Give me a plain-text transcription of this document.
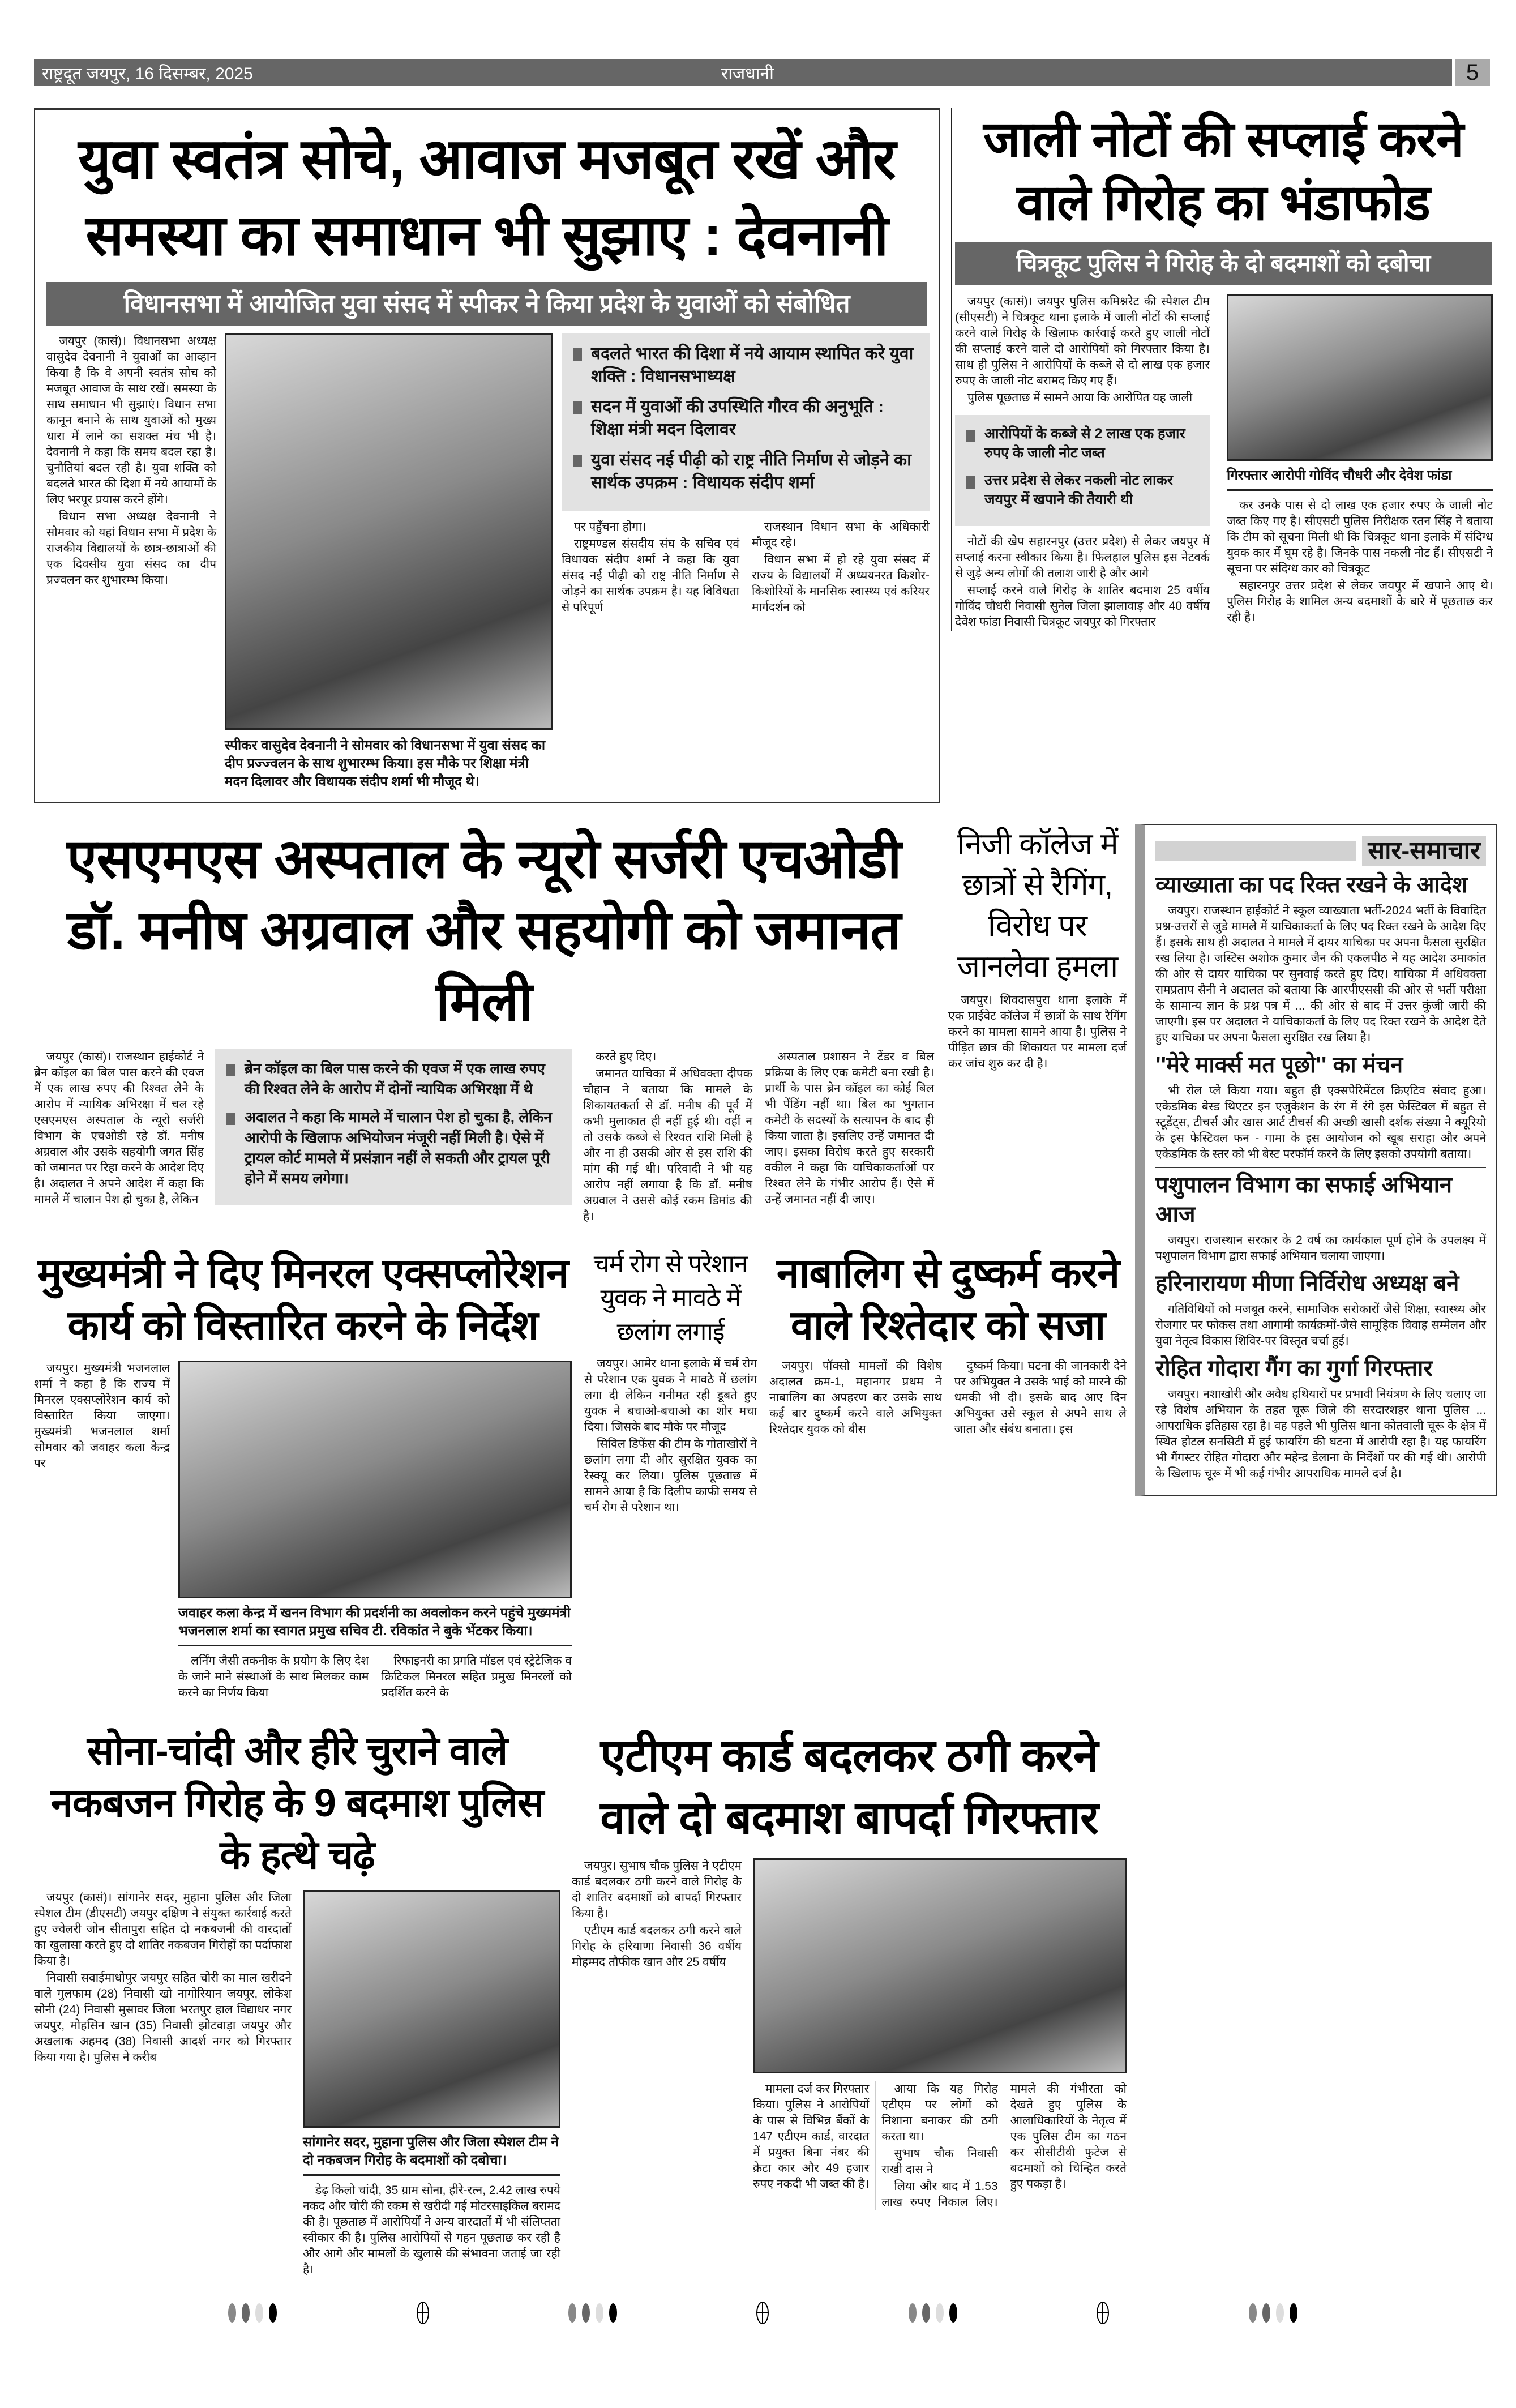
राष्ट्रदूत जयपुर, 16 दिसम्बर, 2025	राजधानी	5
युवा स्वतंत्र सोचे, आवाज मजबूत रखें और समस्या का समाधान भी सुझाए : देवनानी
विधानसभा में आयोजित युवा संसद में स्पीकर ने किया प्रदेश के युवाओं को संबोधित

जयपुर (कासं)। विधानसभा अध्यक्ष वासुदेव देवनानी ने युवाओं का आव्हान किया है कि वे अपनी स्वतंत्र सोच को मजबूत आवाज के साथ रखें। समस्या के साथ समाधान भी सुझाएं। विधान सभा कानून बनाने के साथ युवाओं को मुख्य धारा में लाने का सशक्त मंच भी है। देवनानी ने कहा कि समय बदल रहा है। चुनौतियां बदल रही है। युवा शक्ति को बदलते भारत की दिशा में नये आयामों के लिए भरपूर प्रयास करने होंगे।

विधान सभा अध्यक्ष देवनानी ने सोमवार को यहां विधान सभा में प्रदेश के राजकीय विद्यालयों के छात्र-छात्राओं की एक दिवसीय युवा संसद का दीप प्रज्वलन कर शुभारम्भ किया।

स्पीकर वासुदेव देवनानी ने सोमवार को विधानसभा में युवा संसद का दीप प्रज्ज्वलन के साथ शुभारम्भ किया। इस मौके पर शिक्षा मंत्री मदन दिलावर और विधायक संदीप शर्मा भी मौजूद थे।
बदलते भारत की दिशा में नये आयाम स्थापित करे युवा शक्ति : विधानसभाध्यक्ष
सदन में युवाओं की उपस्थिति गौरव की अनुभूति : शिक्षा मंत्री मदन दिलावर
युवा संसद नई पीढ़ी को राष्ट्र नीति निर्माण से जोड़ने का सार्थक उपक्रम : विधायक संदीप शर्मा

पर पहुँचना होगा।

राष्ट्रमण्डल संसदीय संघ के सचिव एवं विधायक संदीप शर्मा ने कहा कि युवा संसद नई पीढ़ी को राष्ट्र नीति निर्माण से जोड़ने का सार्थक उपक्रम है। यह विविधता से परिपूर्ण

राजस्थान विधान सभा के अधिकारी मौजूद रहे।

विधान सभा में हो रहे युवा संसद में राज्य के विद्यालयों में अध्ययनरत किशोर-किशोरियों के मानसिक स्वास्थ्य एवं करियर मार्गदर्शन को

जाली नोटों की सप्लाई करने वाले गिरोह का भंडाफोड
चित्रकूट पुलिस ने गिरोह के दो बदमाशों को दबोचा

जयपुर (कासं)। जयपुर पुलिस कमिश्नरेट की स्पेशल टीम (सीएसटी) ने चित्रकूट थाना इलाके में जाली नोटों की सप्लाई करने वाले गिरोह के खिलाफ कार्रवाई करते हुए जाली नोटों की सप्लाई करने वाले दो आरोपियों को गिरफ्तार किया है। साथ ही पुलिस ने आरोपियों के कब्जे से दो लाख एक हजार रुपए के जाली नोट बरामद किए गए हैं।

पुलिस पूछताछ में सामने आया कि आरोपित यह जाली

आरोपियों के कब्जे से 2 लाख एक हजार रुपए के जाली नोट जब्त
उत्तर प्रदेश से लेकर नकली नोट लाकर जयपुर में खपाने की तैयारी थी

नोटों की खेप सहारनपुर (उत्तर प्रदेश) से लेकर जयपुर में सप्लाई करना स्वीकार किया है। फिलहाल पुलिस इस नेटवर्क से जुड़े अन्य लोगों की तलाश जारी है और आगे

सप्लाई करने वाले गिरोह के शातिर बदमाश 25 वर्षीय गोविंद चौधरी निवासी सुनेल जिला झालावाड़ और 40 वर्षीय देवेश फांडा निवासी चित्रकूट जयपुर को गिरफ्तार

गिरफ्तार आरोपी गोविंद चौधरी और देवेश फांडा

कर उनके पास से दो लाख एक हजार रुपए के जाली नोट जब्त किए गए है। सीएसटी पुलिस निरीक्षक रतन सिंह ने बताया कि टीम को सूचना मिली थी कि चित्रकूट थाना इलाके में संदिग्ध युवक कार में घूम रहे है। जिनके पास नकली नोट हैं। सीएसटी ने सूचना पर संदिग्ध कार को चित्रकूट

सहारनपुर उत्तर प्रदेश से लेकर जयपुर में खपाने आए थे। पुलिस गिरोह के शामिल अन्य बदमाशों के बारे में पूछताछ कर रही है।

एसएमएस अस्पताल के न्यूरो सर्जरी एचओडी डॉ. मनीष अग्रवाल और सहयोगी को जमानत मिली

जयपुर (कासं)। राजस्थान हाईकोर्ट ने ब्रेन कॉइल का बिल पास करने की एवज में एक लाख रुपए की रिश्वत लेने के आरोप में न्यायिक अभिरक्षा में चल रहे एसएमएस अस्पताल के न्यूरो सर्जरी विभाग के एचओडी रहे डॉ. मनीष अग्रवाल और उसके सहयोगी जगत सिंह को जमानत पर रिहा करने के आदेश दिए है। अदालत ने अपने आदेश में कहा कि मामले में चालान पेश हो चुका है, लेकिन

ब्रेन कॉइल का बिल पास करने की एवज में एक लाख रुपए की रिश्वत लेने के आरोप में दोनों न्यायिक अभिरक्षा में थे
अदालत ने कहा कि मामले में चालान पेश हो चुका है, लेकिन आरोपी के खिलाफ अभियोजन मंजूरी नहीं मिली है। ऐसे में ट्रायल कोर्ट मामले में प्रसंज्ञान नहीं ले सकती और ट्रायल पूरी होने में समय लगेगा।

करते हुए दिए।

जमानत याचिका में अधिवक्ता दीपक चौहान ने बताया कि मामले के शिकायतकर्ता से डॉ. मनीष की पूर्व में कभी मुलाकात ही नहीं हुई थी। वहीं न तो उसके कब्जे से रिश्वत राशि मिली है और ना ही उसकी ओर से इस राशि की मांग की गई थी। परिवादी ने भी यह आरोप नहीं लगाया है कि डॉ. मनीष अग्रवाल ने उससे कोई रकम डिमांड की है।

अस्पताल प्रशासन ने टेंडर व बिल प्रक्रिया के लिए एक कमेटी बना रखी है। प्रार्थी के पास ब्रेन कॉइल का कोई बिल भी पेंडिंग नहीं था। बिल का भुगतान कमेटी के सदस्यों के सत्यापन के बाद ही किया जाता है। इसलिए उन्हें जमानत दी जाए। इसका विरोध करते हुए सरकारी वकील ने कहा कि याचिकाकर्ताओं पर रिश्वत लेने के गंभीर आरोप हैं। ऐसे में उन्हें जमानत नहीं दी जाए।

निजी कॉलेज में छात्रों से रैगिंग, विरोध पर जानलेवा हमला

जयपुर। शिवदासपुरा थाना इलाके में एक प्राईवेट कॉलेज में छात्रों के साथ रैगिंग करने का मामला सामने आया है। पुलिस ने पीड़ित छात्र की शिकायत पर मामला दर्ज कर जांच शुरु कर दी है।

मुख्यमंत्री ने दिए मिनरल एक्सप्लोरेशन कार्य को विस्तारित करने के निर्देश

जयपुर। मुख्यमंत्री भजनलाल शर्मा ने कहा है कि राज्य में मिनरल एक्सप्लोरेशन कार्य को विस्तारित किया जाएगा। मुख्यमंत्री भजनलाल शर्मा सोमवार को जवाहर कला केन्द्र पर

जवाहर कला केन्द्र में खनन विभाग की प्रदर्शनी का अवलोकन करने पहुंचे मुख्यमंत्री भजनलाल शर्मा का स्वागत प्रमुख सचिव टी. रविकांत ने बुके भेंटकर किया।

लर्निंग जैसी तकनीक के प्रयोग के लिए देश के जाने माने संस्थाओं के साथ मिलकर काम करने का निर्णय किया

रिफाइनरी का प्रगति मॉडल एवं स्ट्रेटेजिक व क्रिटिकल मिनरल सहित प्रमुख मिनरलों को प्रदर्शित करने के

चर्म रोग से परेशान युवक ने मावठे में छलांग लगाई

जयपुर। आमेर थाना इलाके में चर्म रोग से परेशान एक युवक ने मावठे में छलांग लगा दी लेकिन गनीमत रही डूबते हुए युवक ने बचाओ-बचाओ का शोर मचा दिया। जिसके बाद मौके पर मौजूद

सिविल डिफेंस की टीम के गोताखोरों ने छलांग लगा दी और सुरक्षित युवक का रेस्क्यू कर लिया। पुलिस पूछताछ में सामने आया है कि दिलीप काफी समय से चर्म रोग से परेशान था।

नाबालिग से दुष्कर्म करने वाले रिश्तेदार को सजा

जयपुर। पॉक्सो मामलों की विशेष अदालत क्रम-1, महानगर प्रथम ने नाबालिग का अपहरण कर उसके साथ कई बार दुष्कर्म करने वाले अभियुक्त रिश्तेदार युवक को बीस

दुष्कर्म किया। घटना की जानकारी देने पर अभियुक्त ने उसके भाई को मारने की धमकी भी दी। इसके बाद आए दिन अभियुक्त उसे स्कूल से अपने साथ ले जाता और संबंध बनाता। इस

सोना-चांदी और हीरे चुराने वाले नकबजन गिरोह के 9 बदमाश पुलिस के हत्थे चढ़े

जयपुर (कासं)। सांगानेर सदर, मुहाना पुलिस और जिला स्पेशल टीम (डीएसटी) जयपुर दक्षिण ने संयुक्त कार्रवाई करते हुए ज्वेलरी जोन सीतापुरा सहित दो नकबजनी की वारदातों का खुलासा करते हुए दो शातिर नकबजन गिरोहों का पर्दाफाश किया है।

निवासी सवाईमाधोपुर जयपुर सहित चोरी का माल खरीदने वाले गुलफाम (28) निवासी खो नागोरियान जयपुर, लोकेश सोनी (24) निवासी मुसावर जिला भरतपुर हाल विद्याधर नगर जयपुर, मोहसिन खान (35) निवासी झोटवाड़ा जयपुर और अखलाक अहमद (38) निवासी आदर्श नगर को गिरफ्तार किया गया है। पुलिस ने करीब

सांगानेर सदर, मुहाना पुलिस और जिला स्पेशल टीम ने दो नकबजन गिरोह के बदमाशों को दबोचा।

डेढ़ किलो चांदी, 35 ग्राम सोना, हीरे-रत्न, 2.42 लाख रुपये नकद और चोरी की रकम से खरीदी गई मोटरसाइकिल बरामद की है। पूछताछ में आरोपियों ने अन्य वारदातों में भी संलिप्तता स्वीकार की है। पुलिस आरोपियों से गहन पूछताछ कर रही है और आगे और मामलों के खुलासे की संभावना जताई जा रही है।

एटीएम कार्ड बदलकर ठगी करने वाले दो बदमाश बापर्दा गिरफ्तार

जयपुर। सुभाष चौक पुलिस ने एटीएम कार्ड बदलकर ठगी करने वाले गिरोह के दो शातिर बदमाशों को बापर्दा गिरफ्तार किया है।

एटीएम कार्ड बदलकर ठगी करने वाले गिरोह के हरियाणा निवासी 36 वर्षीय मोहम्मद तौफीक खान और 25 वर्षीय

मामला दर्ज कर गिरफ्तार किया। पुलिस ने आरोपियों के पास से विभिन्न बैंकों के 147 एटीएम कार्ड, वारदात में प्रयुक्त बिना नंबर की क्रेटा कार और 49 हजार रुपए नकदी भी जब्त की है।

आया कि यह गिरोह एटीएम पर लोगों को निशाना बनाकर की ठगी करता था।

सुभाष चौक निवासी राखी दास ने

लिया और बाद में 1.53 लाख रुपए निकाल लिए। मामले की गंभीरता को देखते हुए पुलिस के आलाधिकारियों के नेतृत्व में एक पुलिस टीम का गठन कर सीसीटीवी फुटेज से बदमाशों को चिन्हित करते हुए पकड़ा है।

सार-समाचार
व्याख्याता का पद रिक्त रखने के आदेश

जयपुर। राजस्थान हाईकोर्ट ने स्कूल व्याख्याता भर्ती-2024 भर्ती के विवादित प्रश्न-उत्तरों से जुडे मामले में याचिकाकर्ता के लिए पद रिक्त रखने के आदेश दिए हैं। इसके साथ ही अदालत ने मामले में दायर याचिका पर अपना फैसला सुरक्षित रख लिया है। जस्टिस अशोक कुमार जैन की एकलपीठ ने यह आदेश उमाकांत की ओर से दायर याचिका पर सुनवाई करते हुए दिए। याचिका में अधिवक्ता रामप्रताप सैनी ने अदालत को बताया कि आरपीएससी की ओर से भर्ती परीक्षा के सामान्य ज्ञान के प्रश्न पत्र में ... की ओर से बाद में उत्तर कुंजी जारी की जाएगी। इस पर अदालत ने याचिकाकर्ता के लिए पद रिक्त रखने के आदेश देते हुए याचिका पर अपना फैसला सुरक्षित रख लिया है।

''मेरे मार्क्स मत पूछो'' का मंचन

भी रोल प्ले किया गया। बहुत ही एक्सपेरिमेंटल क्रिएटिव संवाद हुआ। एकेडमिक बेस्ड थिएटर इन एजुकेशन के रंग में रंगे इस फेस्टिवल में बहुत से स्टूडेंट्स, टीचर्स और खास आर्ट टीचर्स की अच्छी खासी दर्शक संख्या ने क्यूरियो के इस फेस्टिवल फन - गामा के इस आयोजन को खूब सराहा और अपने एकेडमिक के स्तर को भी बेस्ट परफॉर्म करने के लिए इसको उपयोगी बताया।

पशुपालन विभाग का सफाई अभियान आज

जयपुर। राजस्थान सरकार के 2 वर्ष का कार्यकाल पूर्ण होने के उपलक्ष्य में पशुपालन विभाग द्वारा सफाई अभियान चलाया जाएगा।

हरिनारायण मीणा निर्विरोध अध्यक्ष बने

गतिविधियों को मजबूत करने, सामाजिक सरोकारों जैसे शिक्षा, स्वास्थ्य और रोजगार पर फोकस तथा आगामी कार्यक्रमों-जैसे सामूहिक विवाह सम्मेलन और युवा नेतृत्व विकास शिविर-पर विस्तृत चर्चा हुई।

रोहित गोदारा गैंग का गुर्गा गिरफ्तार

जयपुर। नशाखोरी और अवैध हथियारों पर प्रभावी नियंत्रण के लिए चलाए जा रहे विशेष अभियान के तहत चूरू जिले की सरदारशहर थाना पुलिस ... आपराधिक इतिहास रहा है। वह पहले भी पुलिस थाना कोतवाली चूरू के क्षेत्र में स्थित होटल सनसिटी में हुई फायरिंग की घटना में आरोपी रहा है। यह फायरिंग भी गैंगस्टर रोहित गोदारा और महेन्द्र डेलाना के निर्देशों पर की गई थी। आरोपी के खिलाफ चूरू में भी कई गंभीर आपराधिक मामले दर्ज है।
